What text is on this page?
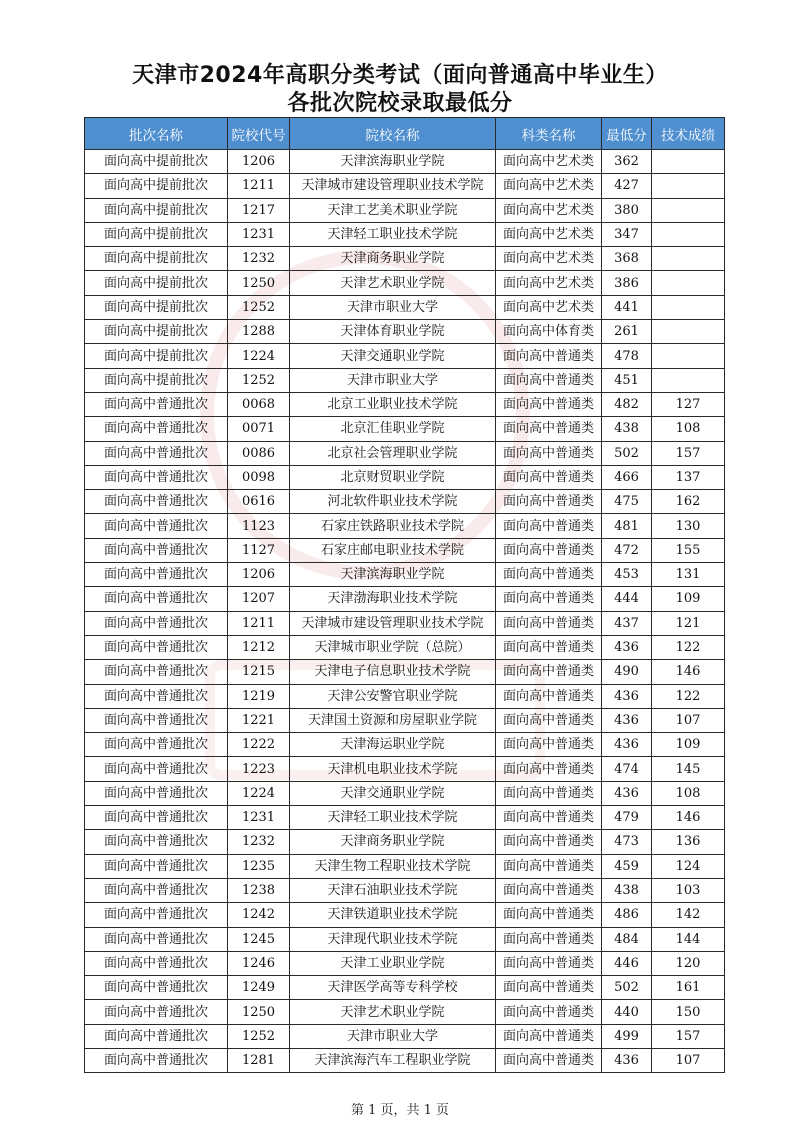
天津市2024年高职分类考试（面向普通高中毕业生）
各批次院校录取最低分
批次名称	院校代号	院校名称	科类名称	最低分	技术成绩
面向高中提前批次	1206	天津滨海职业学院	面向高中艺术类	362	
面向高中提前批次	1211	天津城市建设管理职业技术学院	面向高中艺术类	427	
面向高中提前批次	1217	天津工艺美术职业学院	面向高中艺术类	380	
面向高中提前批次	1231	天津轻工职业技术学院	面向高中艺术类	347	
面向高中提前批次	1232	天津商务职业学院	面向高中艺术类	368	
面向高中提前批次	1250	天津艺术职业学院	面向高中艺术类	386	
面向高中提前批次	1252	天津市职业大学	面向高中艺术类	441	
面向高中提前批次	1288	天津体育职业学院	面向高中体育类	261	
面向高中提前批次	1224	天津交通职业学院	面向高中普通类	478	
面向高中提前批次	1252	天津市职业大学	面向高中普通类	451	
面向高中普通批次	0068	北京工业职业技术学院	面向高中普通类	482	127
面向高中普通批次	0071	北京汇佳职业学院	面向高中普通类	438	108
面向高中普通批次	0086	北京社会管理职业学院	面向高中普通类	502	157
面向高中普通批次	0098	北京财贸职业学院	面向高中普通类	466	137
面向高中普通批次	0616	河北软件职业技术学院	面向高中普通类	475	162
面向高中普通批次	1123	石家庄铁路职业技术学院	面向高中普通类	481	130
面向高中普通批次	1127	石家庄邮电职业技术学院	面向高中普通类	472	155
面向高中普通批次	1206	天津滨海职业学院	面向高中普通类	453	131
面向高中普通批次	1207	天津渤海职业技术学院	面向高中普通类	444	109
面向高中普通批次	1211	天津城市建设管理职业技术学院	面向高中普通类	437	121
面向高中普通批次	1212	天津城市职业学院（总院）	面向高中普通类	436	122
面向高中普通批次	1215	天津电子信息职业技术学院	面向高中普通类	490	146
面向高中普通批次	1219	天津公安警官职业学院	面向高中普通类	436	122
面向高中普通批次	1221	天津国土资源和房屋职业学院	面向高中普通类	436	107
面向高中普通批次	1222	天津海运职业学院	面向高中普通类	436	109
面向高中普通批次	1223	天津机电职业技术学院	面向高中普通类	474	145
面向高中普通批次	1224	天津交通职业学院	面向高中普通类	436	108
面向高中普通批次	1231	天津轻工职业技术学院	面向高中普通类	479	146
面向高中普通批次	1232	天津商务职业学院	面向高中普通类	473	136
面向高中普通批次	1235	天津生物工程职业技术学院	面向高中普通类	459	124
面向高中普通批次	1238	天津石油职业技术学院	面向高中普通类	438	103
面向高中普通批次	1242	天津铁道职业技术学院	面向高中普通类	486	142
面向高中普通批次	1245	天津现代职业技术学院	面向高中普通类	484	144
面向高中普通批次	1246	天津工业职业学院	面向高中普通类	446	120
面向高中普通批次	1249	天津医学高等专科学校	面向高中普通类	502	161
面向高中普通批次	1250	天津艺术职业学院	面向高中普通类	440	150
面向高中普通批次	1252	天津市职业大学	面向高中普通类	499	157
面向高中普通批次	1281	天津滨海汽车工程职业学院	面向高中普通类	436	107
第 1 页，共 1 页
